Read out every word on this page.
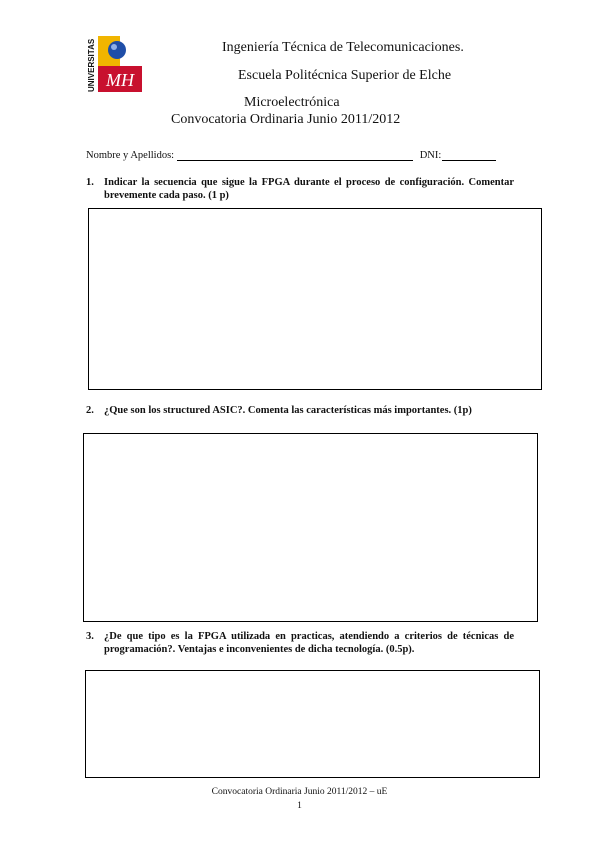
UNIVERSITAS MH
Ingeniería Técnica de Telecomunicaciones.
Escuela Politécnica Superior de Elche
Microelectrónica
Convocatoria Ordinaria Junio 2011/2012
Nombre y Apellidos:	DNI:
1. Indicar la secuencia que sigue la FPGA durante el proceso de configuración. Comentar brevemente cada paso. (1 p)
2. ¿Que son los structured ASIC?. Comenta las características más importantes. (1p)
3. ¿De que tipo es la FPGA utilizada en practicas, atendiendo a criterios de técnicas de programación?. Ventajas e inconvenientes de dicha tecnología. (0.5p).
Convocatoria Ordinaria Junio 2011/2012 – uE
1
